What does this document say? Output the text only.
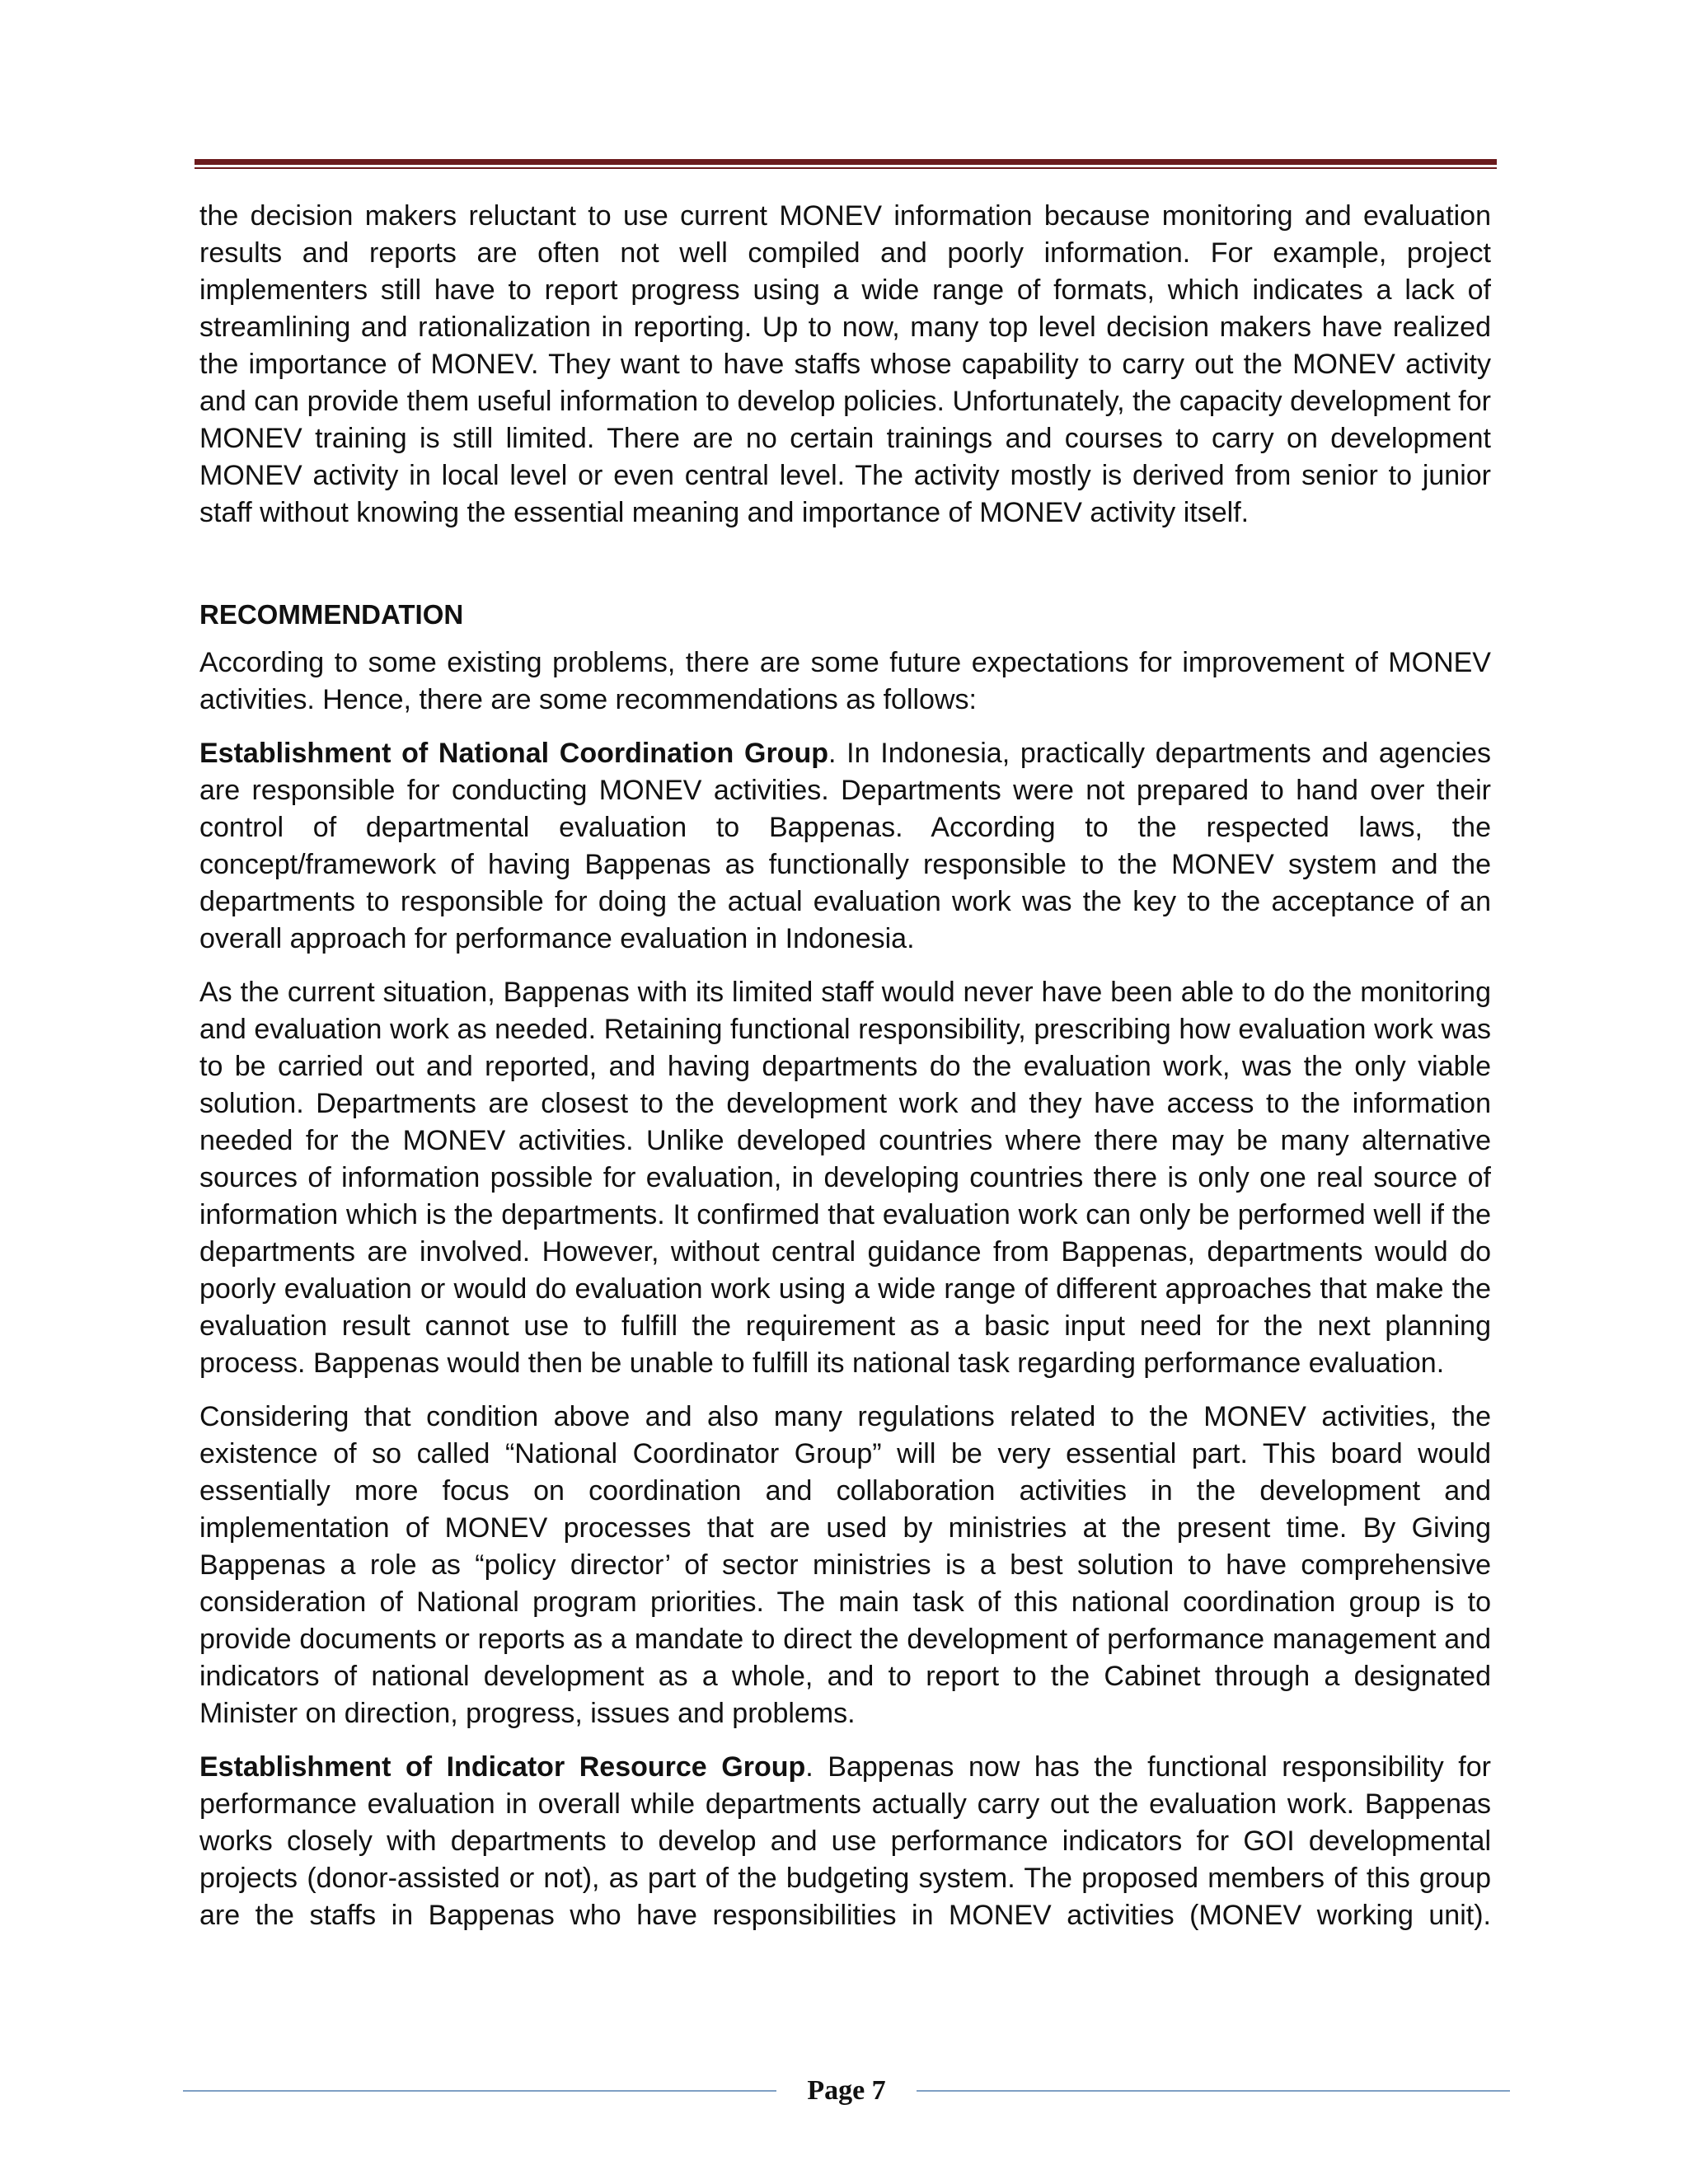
the decision makers reluctant to use current MONEV information because monitoring and evaluation results and reports are often not well compiled and poorly information. For example, project implementers still have to report progress using a wide range of formats, which indicates a lack of streamlining and rationalization in reporting. Up to now, many top level decision makers have realized the importance of MONEV. They want to have staffs whose capability to carry out the MONEV activity and can provide them useful information to develop policies. Unfortunately, the capacity development for MONEV training is still limited. There are no certain trainings and courses to carry on development MONEV activity in local level or even central level. The activity mostly is derived from senior to junior staff without knowing the essential meaning and importance of MONEV activity itself.

RECOMMENDATION

According to some existing problems, there are some future expectations for improvement of MONEV activities. Hence, there are some recommendations as follows:

Establishment of National Coordination Group. In Indonesia, practically departments and agencies are responsible for conducting MONEV activities. Departments were not prepared to hand over their control of departmental evaluation to Bappenas. According to the respected laws, the concept/framework of having Bappenas as functionally responsible to the MONEV system and the departments to responsible for doing the actual evaluation work was the key to the acceptance of an overall approach for performance evaluation in Indonesia.

As the current situation, Bappenas with its limited staff would never have been able to do the monitoring and evaluation work as needed. Retaining functional responsibility, prescribing how evaluation work was to be carried out and reported, and having departments do the evaluation work, was the only viable solution. Departments are closest to the development work and they have access to the information needed for the MONEV activities. Unlike developed countries where there may be many alternative sources of information possible for evaluation, in developing countries there is only one real source of information which is the departments. It confirmed that evaluation work can only be performed well if the departments are involved. However, without central guidance from Bappenas, departments would do poorly evaluation or would do evaluation work using a wide range of different approaches that make the evaluation result cannot use to fulfill the requirement as a basic input need for the next planning process. Bappenas would then be unable to fulfill its national task regarding performance evaluation.

Considering that condition above and also many regulations related to the MONEV activities, the existence of so called “National Coordinator Group” will be very essential part. This board would essentially more focus on coordination and collaboration activities in the development and implementation of MONEV processes that are used by ministries at the present time. By Giving Bappenas a role as “policy director’ of sector ministries is a best solution to have comprehensive consideration of National program priorities. The main task of this national coordination group is to provide documents or reports as a mandate to direct the development of performance management and indicators of national development as a whole, and to report to the Cabinet through a designated Minister on direction, progress, issues and problems.

Establishment of Indicator Resource Group. Bappenas now has the functional responsibility for performance evaluation in overall while departments actually carry out the evaluation work. Bappenas works closely with departments to develop and use performance indicators for GOI developmental projects (donor-assisted or not), as part of the budgeting system. The proposed members of this group are the staffs in Bappenas who have responsibilities in MONEV activities (MONEV working unit).

Page 7
